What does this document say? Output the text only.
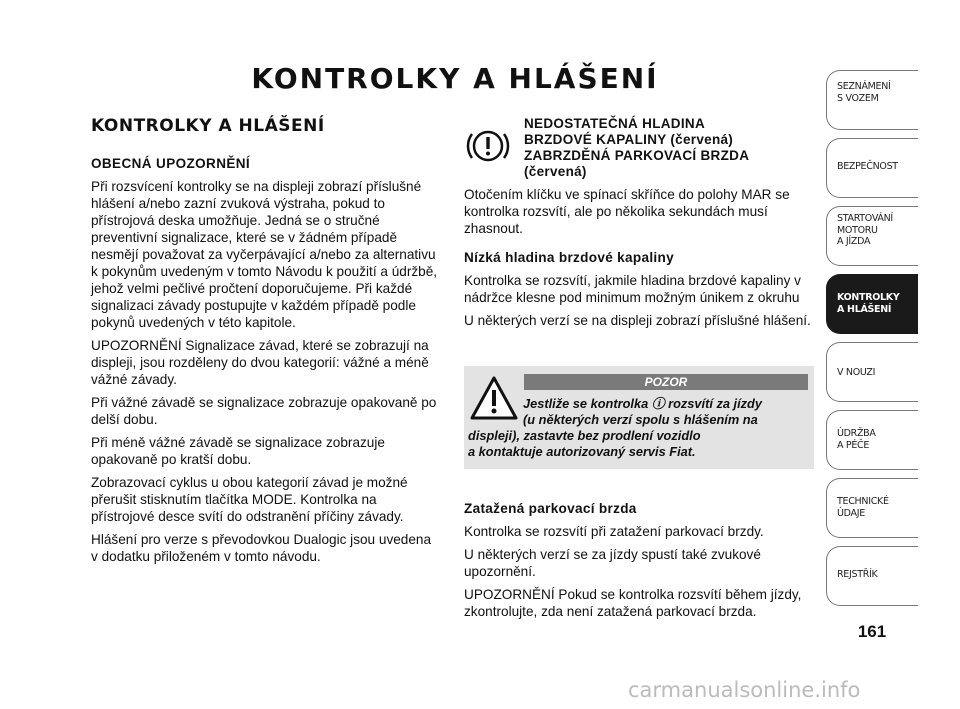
KONTROLKY A HLÁŠENÍ
KONTROLKY A HLÁŠENÍ
OBECNÁ UPOZORNĚNÍ

Při rozsvícení kontrolky se na displeji zobrazí příslušné hlášení a/nebo zazní zvuková výstraha, pokud to přístrojová deska umožňuje. Jedná se o stručné preventivní signalizace, které se v žádném případě nesmějí považovat za vyčerpávající a/nebo za alternativu k pokynům uvedeným v tomto Návodu k použití a údržbě, jehož velmi pečlivé pročtení doporučujeme. Při každé signalizaci závady postupujte v každém případě podle pokynů uvedených v této kapitole.

UPOZORNĚNÍ Signalizace závad, které se zobrazují na displeji, jsou rozděleny do dvou kategorií: vážné a méně vážné závady.

Při vážné závadě se signalizace zobrazuje opakovaně po delší dobu.

Při méně vážné závadě se signalizace zobrazuje opakovaně po kratší dobu.

Zobrazovací cyklus u obou kategorií závad je možné přerušit stisknutím tlačítka MODE. Kontrolka na přístrojové desce svítí do odstranění příčiny závady.

Hlášení pro verze s převodovkou Dualogic jsou uvedena v dodatku přiloženém v tomto návodu.

NEDOSTATEČNÁ HLADINA
BRZDOVÉ KAPALINY (červená)
ZABRZDĚNÁ PARKOVACÍ BRZDA
(červená)

Otočením klíčku ve spínací skříňce do polohy MAR se kontrolka rozsvítí, ale po několika sekundách musí zhasnout.

Nízká hladina brzdové kapaliny

Kontrolka se rozsvítí, jakmile hladina brzdové kapaliny v nádržce klesne pod minimum možným únikem z okruhu

U některých verzí se na displeji zobrazí příslušné hlášení.

POZOR
Jestliže se kontrolka ⓘ rozsvítí za jízdy
(u některých verzí spolu s hlášením na
displeji), zastavte bez prodlení vozidlo
a kontaktuje autorizovaný servis Fiat.
Zatažená parkovací brzda

Kontrolka se rozsvítí při zatažení parkovací brzdy.

U některých verzí se za jízdy spustí také zvukové upozornění.

UPOZORNĚNÍ Pokud se kontrolka rozsvítí během jízdy, zkontrolujte, zda není zatažená parkovací brzda.

SEZNÁMENÍ
S VOZEM
BEZPEČNOST
STARTOVÁNÍ
MOTORU
A JÍZDA
KONTROLKY
A HLÁŠENÍ
V NOUZI
ÚDRŽBA
A PÉČE
TECHNICKÉ
ÚDAJE
REJSTŘÍK
161
carmanualsonline.info
